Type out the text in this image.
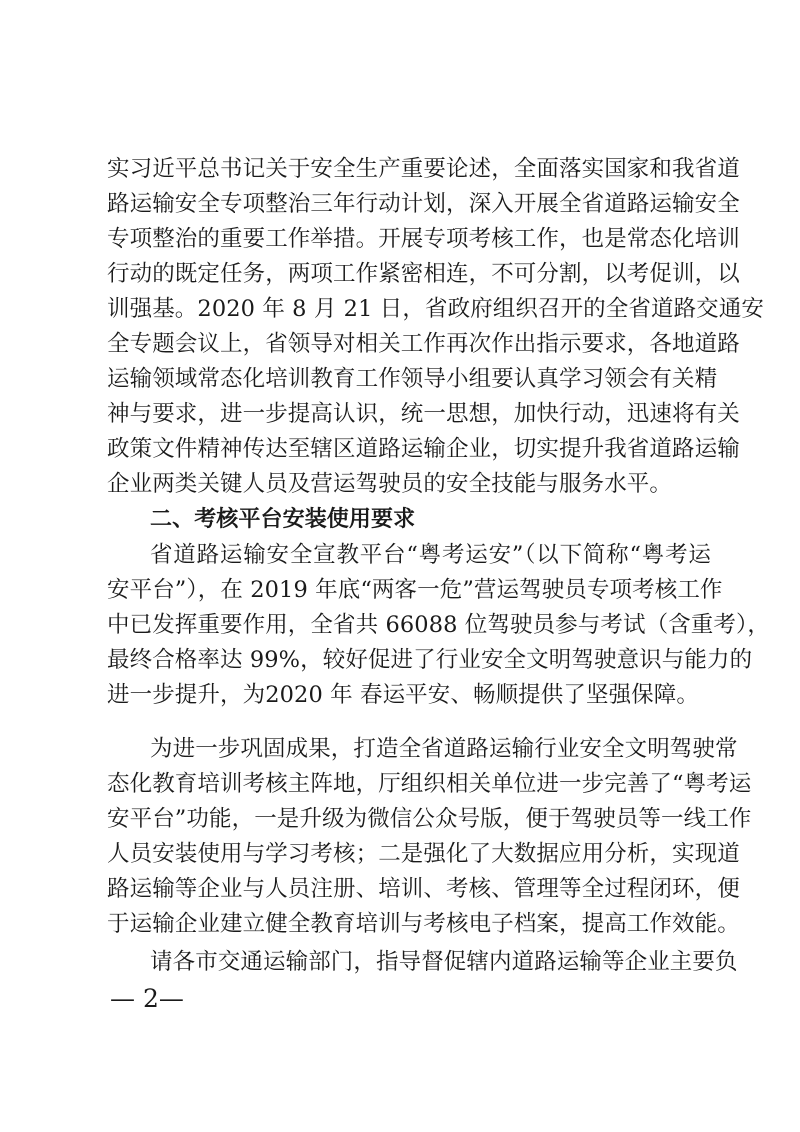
实习近平总书记关于安全生产重要论述，全面落实国家和我省道
路运输安全专项整治三年行动计划，深入开展全省道路运输安全
专项整治的重要工作举措。开展专项考核工作，也是常态化培训
行动的既定任务，两项工作紧密相连，不可分割，以考促训，以
训强基。2020 年 8 月 21 日，省政府组织召开的全省道路交通安
全专题会议上，省领导对相关工作再次作出指示要求，各地道路
运输领域常态化培训教育工作领导小组要认真学习领会有关精
神与要求，进一步提高认识，统一思想，加快行动，迅速将有关
政策文件精神传达至辖区道路运输企业，切实提升我省道路运输
企业两类关键人员及营运驾驶员的安全技能与服务水平。
二、考核平台安装使用要求
省道路运输安全宣教平台“粤考运安”（以下简称“粤考运
安平台”），在 2019 年底“两客一危”营运驾驶员专项考核工作
中已发挥重要作用，全省共 66088 位驾驶员参与考试（含重考），
最终合格率达 99%，较好促进了行业安全文明驾驶意识与能力的
进一步提升，为2020 年 春运平安、畅顺提供了坚强保障。
为进一步巩固成果，打造全省道路运输行业安全文明驾驶常
态化教育培训考核主阵地，厅组织相关单位进一步完善了“粤考运
安平台”功能，一是升级为微信公众号版，便于驾驶员等一线工作
人员安装使用与学习考核；二是强化了大数据应用分析，实现道
路运输等企业与人员注册、培训、考核、管理等全过程闭环，便
于运输企业建立健全教育培训与考核电子档案，提高工作效能。
请各市交通运输部门，指导督促辖内道路运输等企业主要负
— 2—
